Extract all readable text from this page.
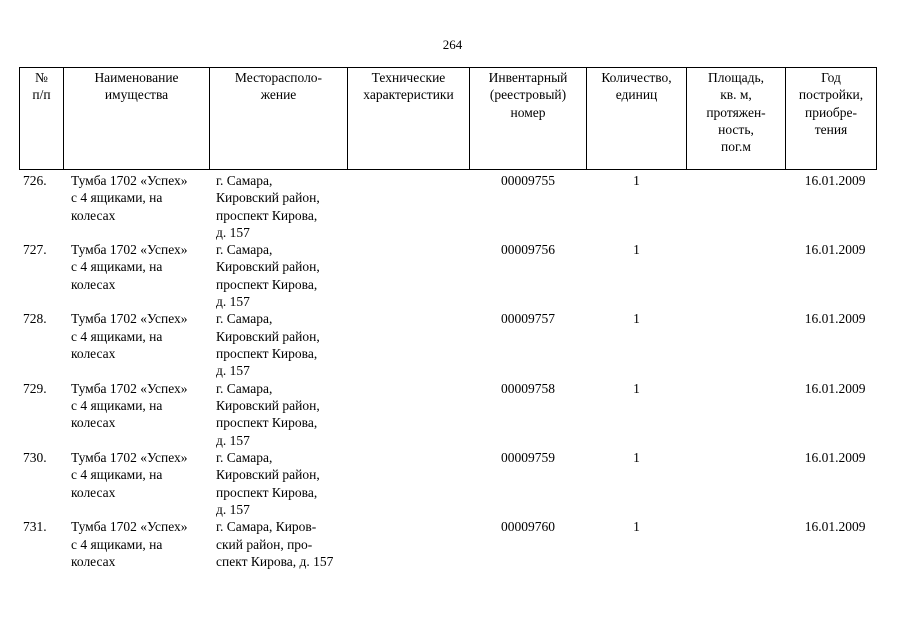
264
№
п/п	Наименование
имущества	Месторасполо-
жение	Технические
характеристики	Инвентарный
(реестровый)
номер	Количество,
единиц	Площадь,
кв. м,
протяжен-
ность,
пог.м	Год
постройки,
приобре-
тения
726.	Тумба 1702 «Успех»
с 4 ящиками, на
колесах	г. Самара,
Кировский район,
проспект Кирова,
д. 157		00009755	1		16.01.2009
727.	Тумба 1702 «Успех»
с 4 ящиками, на
колесах	г. Самара,
Кировский район,
проспект Кирова,
д. 157		00009756	1		16.01.2009
728.	Тумба 1702 «Успех»
с 4 ящиками, на
колесах	г. Самара,
Кировский район,
проспект Кирова,
д. 157		00009757	1		16.01.2009
729.	Тумба 1702 «Успех»
с 4 ящиками, на
колесах	г. Самара,
Кировский район,
проспект Кирова,
д. 157		00009758	1		16.01.2009
730.	Тумба 1702 «Успех»
с 4 ящиками, на
колесах	г. Самара,
Кировский район,
проспект Кирова,
д. 157		00009759	1		16.01.2009
731.	Тумба 1702 «Успех»
с 4 ящиками, на
колесах	г. Самара, Киров-
ский район, про-
спект Кирова, д. 157		00009760	1		16.01.2009
